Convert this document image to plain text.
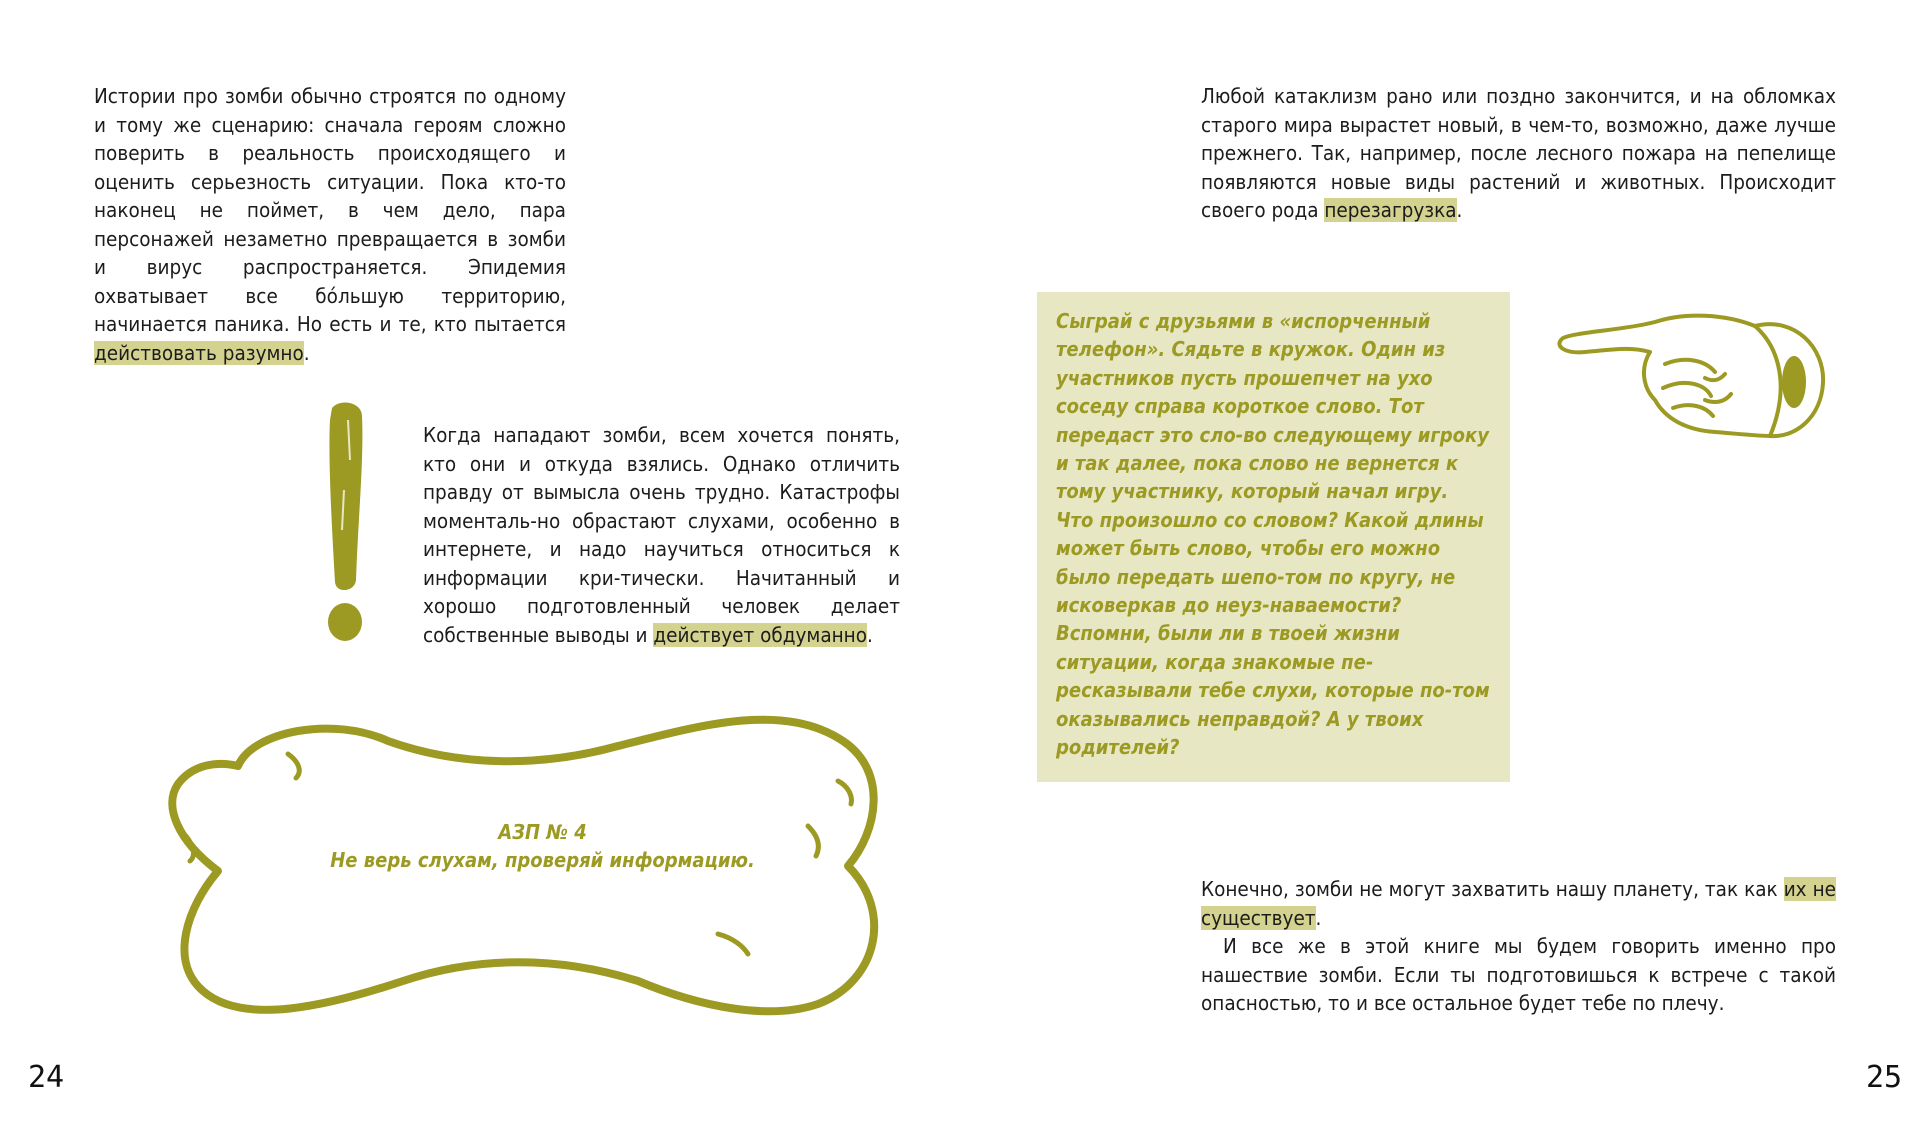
Истории про зомби обычно строятся по одному и тому же сценарию: сначала героям сложно поверить в реальность происходящего и оценить серьезность ситуации. Пока кто-то наконец не поймет, в чем дело, пара персонажей незаметно превращается в зомби и вирус распространяется. Эпидемия охватывает все бóльшую территорию, начинается паника. Но есть и те, кто пытается действовать разумно.

Когда нападают зомби, всем хочется понять, кто они и откуда взялись. Однако отличить правду от вымысла очень трудно. Катастрофы моменталь-но обрастают слухами, особенно в интернете, и надо научиться относиться к информации кри-тически. Начитанный и хорошо подготовленный человек делает собственные выводы и действует обдуманно.

АЗП № 4
Не верь слухам, проверяй информацию.
24

Любой катаклизм рано или поздно закончится, и на обломках старого мира вырастет новый, в чем-то, возможно, даже лучше прежнего. Так, например, после лесного пожара на пепелище появляются новые виды растений и животных. Происходит своего рода перезагрузка.

Сыграй с друзьями в «испорченный телефон». Сядьте в кружок. Один из участников пусть прошепчет на ухо соседу справа короткое слово. Тот передаст это сло-во следующему игроку и так далее, пока слово не вернется к тому участнику, который начал игру. Что произошло со словом? Какой длины может быть слово, чтобы его можно было передать шепо-том по кругу, не исковеркав до неуз-наваемости? Вспомни, были ли в твоей жизни ситуации, когда знакомые пе-ресказывали тебе слухи, которые по-том оказывались неправдой? А у твоих родителей?

Конечно, зомби не могут захватить нашу планету, так как их не существует.
И все же в этой книге мы будем говорить именно про нашествие зомби. Если ты подготовишься к встрече с такой опасностью, то и все остальное будет тебе по плечу.

25
